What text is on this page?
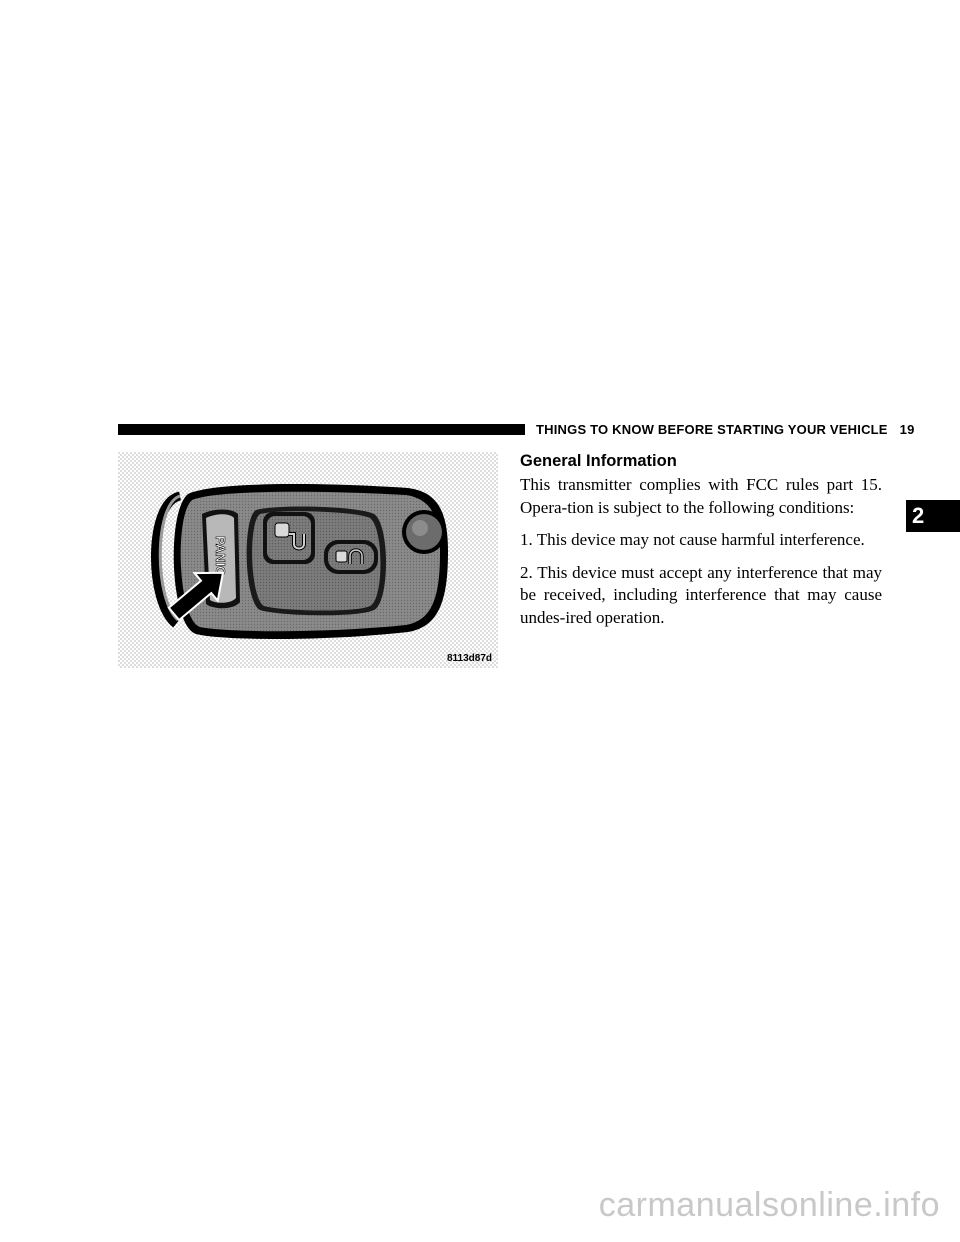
THINGS TO KNOW BEFORE STARTING YOUR VEHICLE 19
PANIC
8113d87d
General Information

This transmitter complies with FCC rules part 15. Opera-tion is subject to the following conditions:

1. This device may not cause harmful interference.

2. This device must accept any interference that may be received, including interference that may cause undes-ired operation.

2
carmanualsonline.info
